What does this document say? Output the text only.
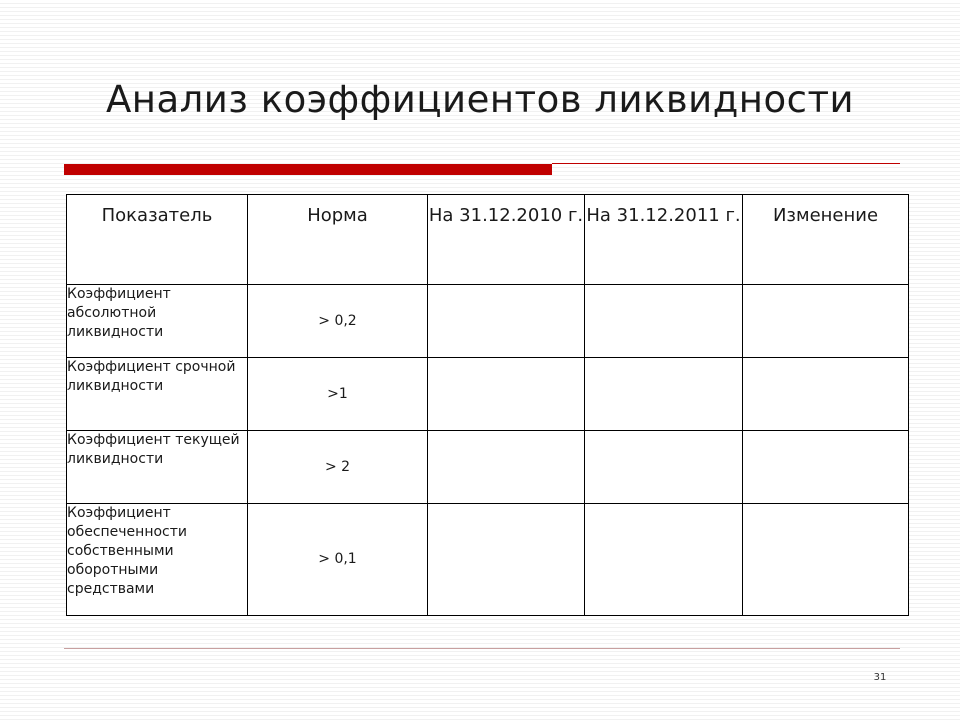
Анализ коэффициентов ликвидности
Показатель	Норма	На 31.12.2010 г.	На 31.12.2011 г.	Изменение
Коэффициент абсолютной ликвидности	> 0,2			
Коэффициент срочной ликвидности	>1			
Коэффициент текущей ликвидности	> 2			
Коэффициент обеспеченности собственными оборотными средствами	> 0,1			
31
